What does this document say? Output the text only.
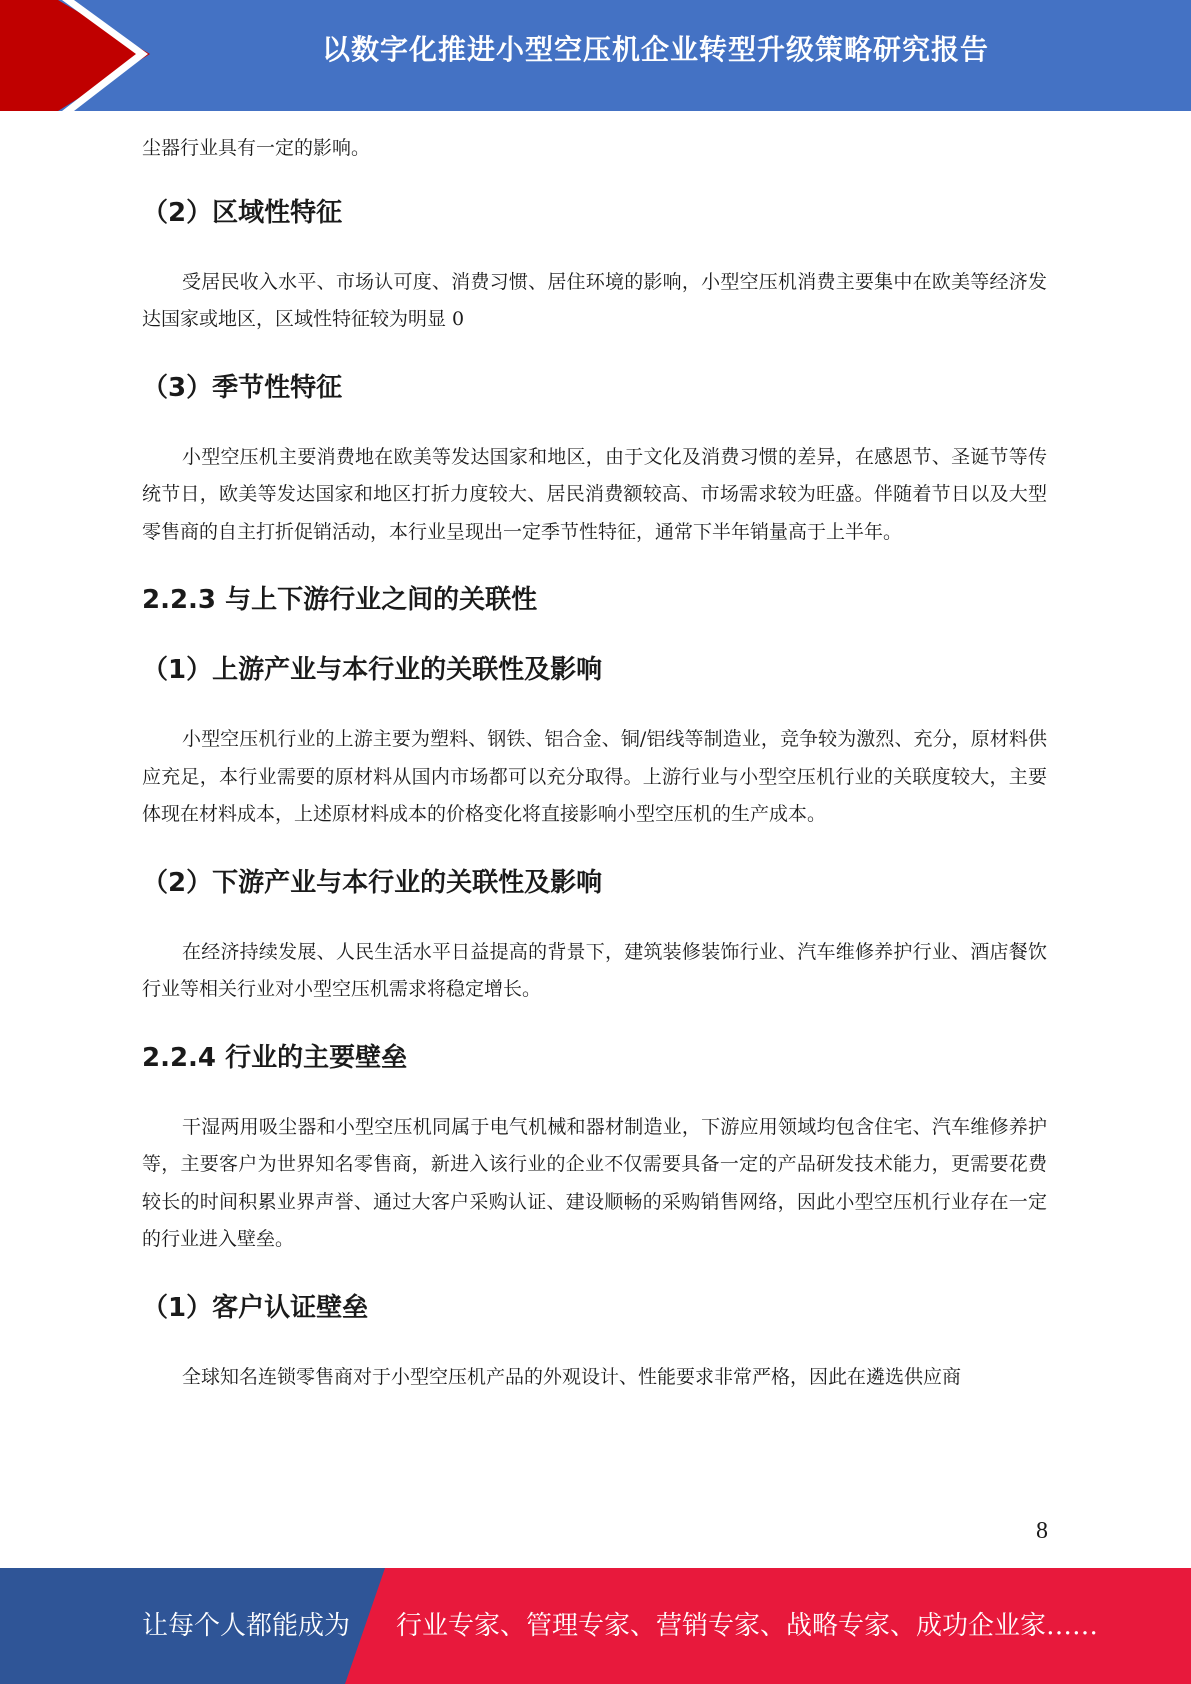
以数字化推进小型空压机企业转型升级策略研究报告

尘器行业具有一定的影响。

（2）区域性特征

受居民收入水平、市场认可度、消费习惯、居住环境的影响，小型空压机消费主要集中在欧美等经济发达国家或地区，区域性特征较为明显 0

（3）季节性特征

小型空压机主要消费地在欧美等发达国家和地区，由于文化及消费习惯的差异，在感恩节、圣诞节等传统节日，欧美等发达国家和地区打折力度较大、居民消费额较高、市场需求较为旺盛。伴随着节日以及大型零售商的自主打折促销活动，本行业呈现出一定季节性特征，通常下半年销量高于上半年。

2.2.3 与上下游行业之间的关联性
（1）上游产业与本行业的关联性及影响

小型空压机行业的上游主要为塑料、钢铁、铝合金、铜/铝线等制造业，竞争较为激烈、充分，原材料供应充足，本行业需要的原材料从国内市场都可以充分取得。上游行业与小型空压机行业的关联度较大，主要体现在材料成本，上述原材料成本的价格变化将直接影响小型空压机的生产成本。

（2）下游产业与本行业的关联性及影响

在经济持续发展、人民生活水平日益提高的背景下，建筑装修装饰行业、汽车维修养护行业、酒店餐饮行业等相关行业对小型空压机需求将稳定增长。

2.2.4 行业的主要壁垒

干湿两用吸尘器和小型空压机同属于电气机械和器材制造业，下游应用领域均包含住宅、汽车维修养护等，主要客户为世界知名零售商，新进入该行业的企业不仅需要具备一定的产品研发技术能力，更需要花费较长的时间积累业界声誉、通过大客户采购认证、建设顺畅的采购销售网络，因此小型空压机行业存在一定的行业进入壁垒。

（1）客户认证壁垒

全球知名连锁零售商对于小型空压机产品的外观设计、性能要求非常严格，因此在遴选供应商

8
让每个人都能成为 行业专家、管理专家、营销专家、战略专家、成功企业家……
